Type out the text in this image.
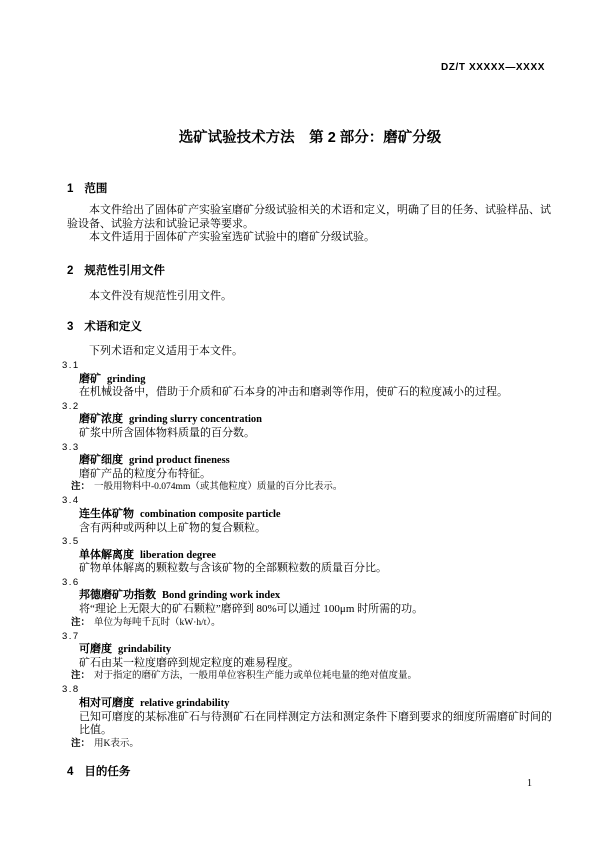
DZ/T XXXXX—XXXX
选矿试验技术方法　第 2 部分：磨矿分级
1 范围

本文件给出了固体矿产实验室磨矿分级试验相关的术语和定义，明确了目的任务、试验样品、试验设备、试验方法和试验记录等要求。

本文件适用于固体矿产实验室选矿试验中的磨矿分级试验。

2 规范性引用文件

本文件没有规范性引用文件。

3 术语和定义

下列术语和定义适用于本文件。

3.1
磨矿 grinding
在机械设备中，借助于介质和矿石本身的冲击和磨剥等作用，使矿石的粒度减小的过程。
3.2
磨矿浓度 grinding slurry concentration
矿浆中所含固体物料质量的百分数。
3.3
磨矿细度 grind product fineness
磨矿产品的粒度分布特征。
注： 一般用物料中-0.074mm（或其他粒度）质量的百分比表示。
3.4
连生体矿物 combination composite particle
含有两种或两种以上矿物的复合颗粒。
3.5
单体解离度 liberation degree
矿物单体解离的颗粒数与含该矿物的全部颗粒数的质量百分比。
3.6
邦德磨矿功指数 Bond grinding work index
将“理论上无限大的矿石颗粒”磨碎到 80%可以通过 100μm 时所需的功。
注： 单位为每吨千瓦时（kW·h/t）。
3.7
可磨度 grindability
矿石由某一粒度磨碎到规定粒度的难易程度。
注： 对于指定的磨矿方法，一般用单位容积生产能力或单位耗电量的绝对值度量。
3.8
相对可磨度 relative grindability
已知可磨度的某标准矿石与待测矿石在同样测定方法和测定条件下磨到要求的细度所需磨矿时间的比值。
注： 用K表示。
4 目的任务
1
